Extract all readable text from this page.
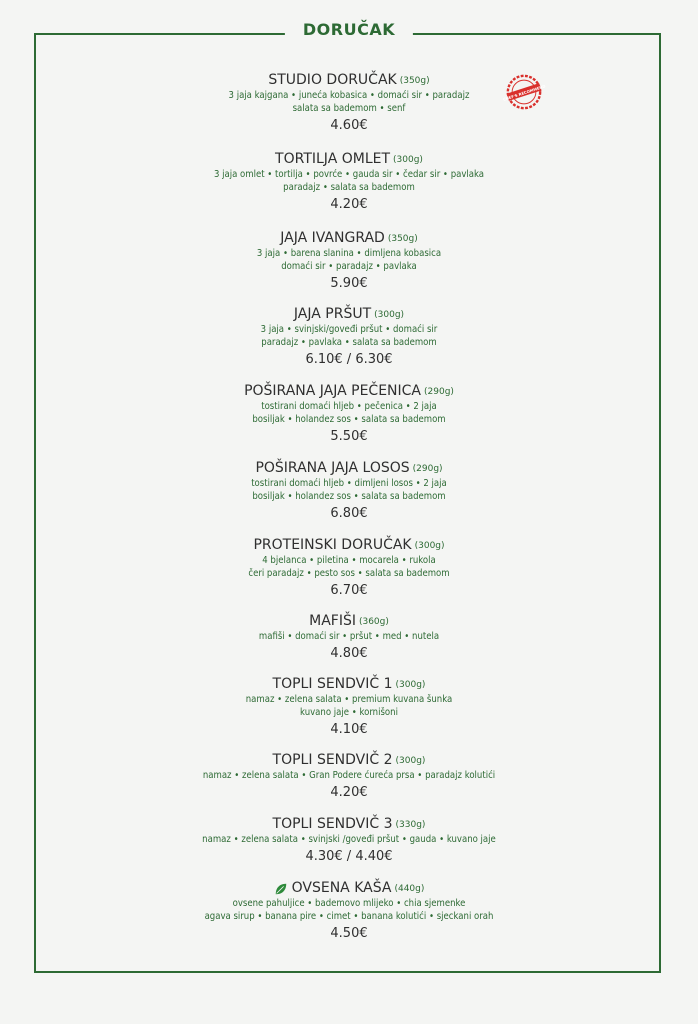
DORUČAK
CHEF'S RECOMMEND
STUDIO DORUČAK (350g)
3 jaja kajgana • juneća kobasica • domaći sir • paradajz
salata sa bademom • senf
4.60€
TORTILJA OMLET (300g)
3 jaja omlet • tortilja • povrće • gauda sir • čedar sir • pavlaka
paradajz • salata sa bademom
4.20€
JAJA IVANGRAD (350g)
3 jaja • barena slanina • dimljena kobasica
domaći sir • paradajz • pavlaka
5.90€
JAJA PRŠUT (300g)
3 jaja • svinjski/goveđi pršut • domaći sir
paradajz • pavlaka • salata sa bademom
6.10€ / 6.30€
POŠIRANA JAJA PEČENICA (290g)
tostirani domaći hljeb • pečenica • 2 jaja
bosiljak • holandez sos • salata sa bademom
5.50€
POŠIRANA JAJA LOSOS (290g)
tostirani domaći hljeb • dimljeni losos • 2 jaja
bosiljak • holandez sos • salata sa bademom
6.80€
PROTEINSKI DORUČAK (300g)
4 bjelanca • piletina • mocarela • rukola
čeri paradajz • pesto sos • salata sa bademom
6.70€
MAFIŠI (360g)
mafiši • domaći sir • pršut • med • nutela
4.80€
TOPLI SENDVIČ 1 (300g)
namaz • zelena salata • premium kuvana šunka
kuvano jaje • kornišoni
4.10€
TOPLI SENDVIČ 2 (300g)
namaz • zelena salata • Gran Podere ćureća prsa • paradajz kolutići
4.20€
TOPLI SENDVIČ 3 (330g)
namaz • zelena salata • svinjski /goveđi pršut • gauda • kuvano jaje
4.30€ / 4.40€
OVSENA KAŠA (440g)
ovsene pahuljice • bademovo mlijeko • chia sjemenke
agava sirup • banana pire • cimet • banana kolutići • sjeckani orah
4.50€
